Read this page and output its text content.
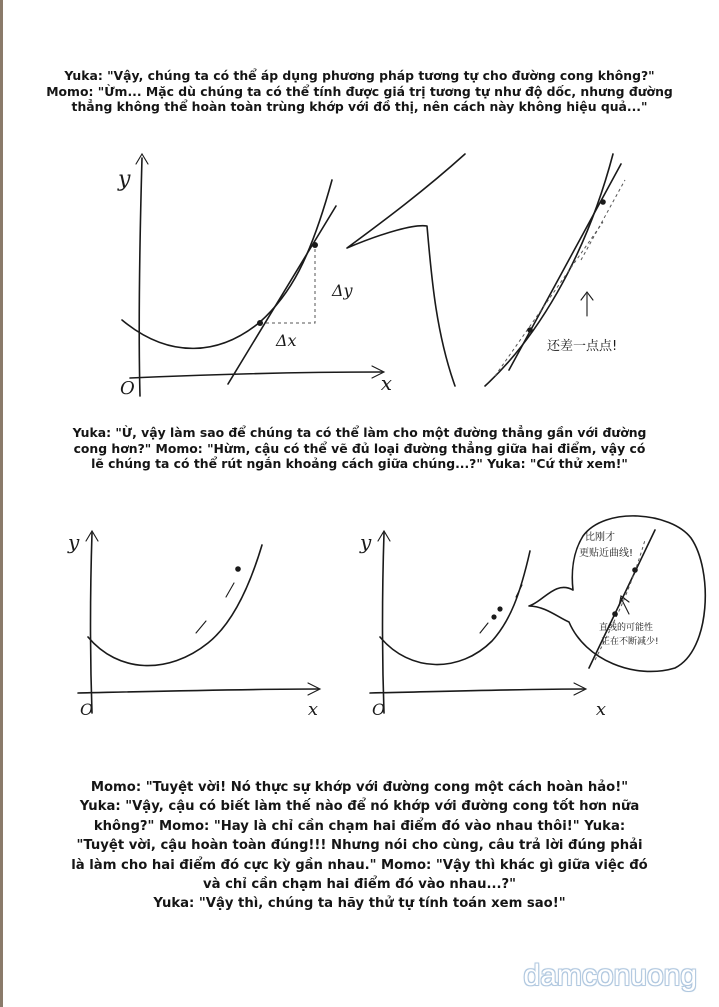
Yuka: "Vậy, chúng ta có thể áp dụng phương pháp tương tự cho đường cong không?"
Momo: "Ừm... Mặc dù chúng ta có thể tính được giá trị tương tự như độ dốc, nhưng đường
thẳng không thể hoàn toàn trùng khớp với đồ thị, nên cách này không hiệu quả..."
y
x
O
Δx
Δy
还差一点点!
Yuka: "Ừ, vậy làm sao để chúng ta có thể làm cho một đường thẳng gần với đường
cong hơn?" Momo: "Hừm, cậu có thể vẽ đủ loại đường thẳng giữa hai điểm, vậy có
lẽ chúng ta có thể rút ngắn khoảng cách giữa chúng...?" Yuka: "Cứ thử xem!"
y
x
O
y
x
O
比刚才
更贴近曲线!
直线的可能性
正在不断减少!
Momo: "Tuyệt vời! Nó thực sự khớp với đường cong một cách hoàn hảo!"
Yuka: "Vậy, cậu có biết làm thế nào để nó khớp với đường cong tốt hơn nữa
không?" Momo: "Hay là chỉ cần chạm hai điểm đó vào nhau thôi!" Yuka:
"Tuyệt vời, cậu hoàn toàn đúng!!! Nhưng nói cho cùng, câu trả lời đúng phải
là làm cho hai điểm đó cực kỳ gần nhau." Momo: "Vậy thì khác gì giữa việc đó
và chỉ cần chạm hai điểm đó vào nhau...?"
Yuka: "Vậy thì, chúng ta hãy thử tự tính toán xem sao!"
damconuong
